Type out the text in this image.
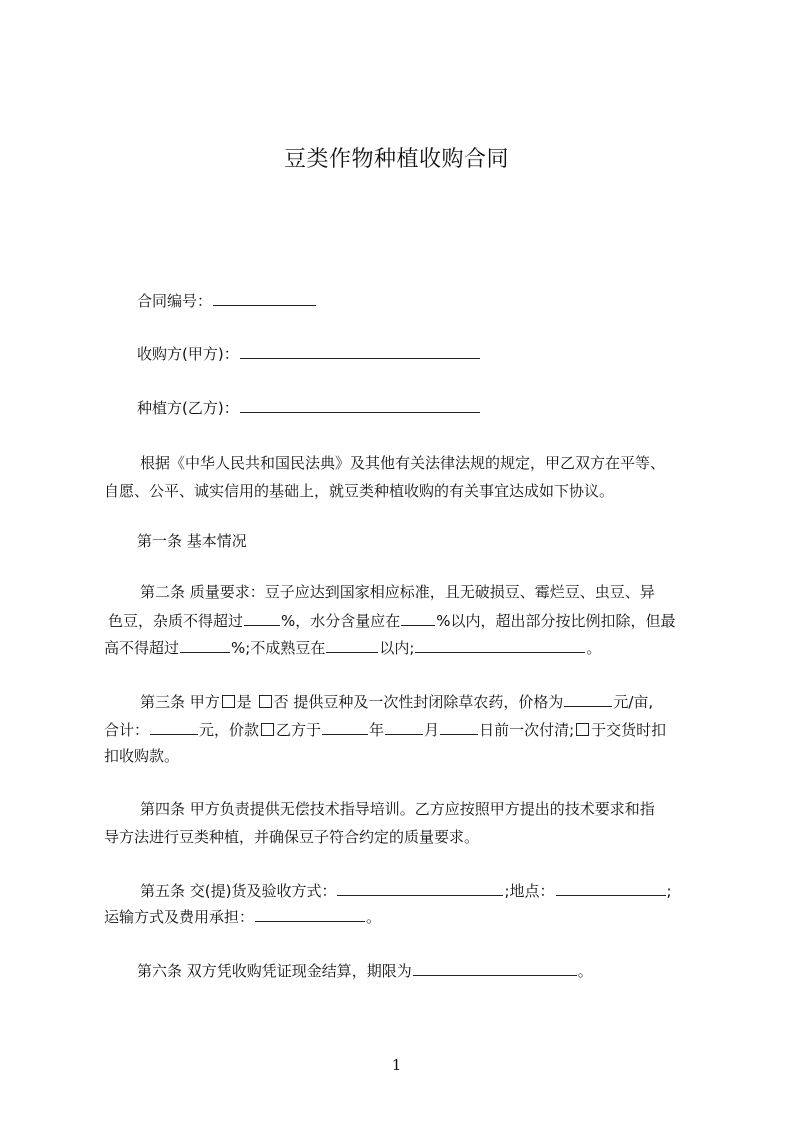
豆类作物种植收购合同
合同编号：
收购方(甲方)：
种植方(乙方)：
根据《中华人民共和国民法典》及其他有关法律法规的规定，甲乙双方在平等、
自愿、公平、诚实信用的基础上，就豆类种植收购的有关事宜达成如下协议。
第一条 基本情况
第二条 质量要求：豆子应达到国家相应标准，且无破损豆、霉烂豆、虫豆、异
色豆，杂质不得超过	%，水分含量应在 %以内，超出部分按比例扣除，但最
高不得超过	%;不成熟豆在	以内;	。
第三条 甲方 是 否 提供豆种及一次性封闭除草农药，价格为	元/亩,
合计：	元，价款 乙方于	年	月	日前一次付清; 于交货时扣
扣收购款。
第四条 甲方负责提供无偿技术指导培训。乙方应按照甲方提出的技术要求和指
导方法进行豆类种植，并确保豆子符合约定的质量要求。
第五条 交(提)货及验收方式：	;地点：	;
运输方式及费用承担：	。
第六条 双方凭收购凭证现金结算，期限为	。
1
